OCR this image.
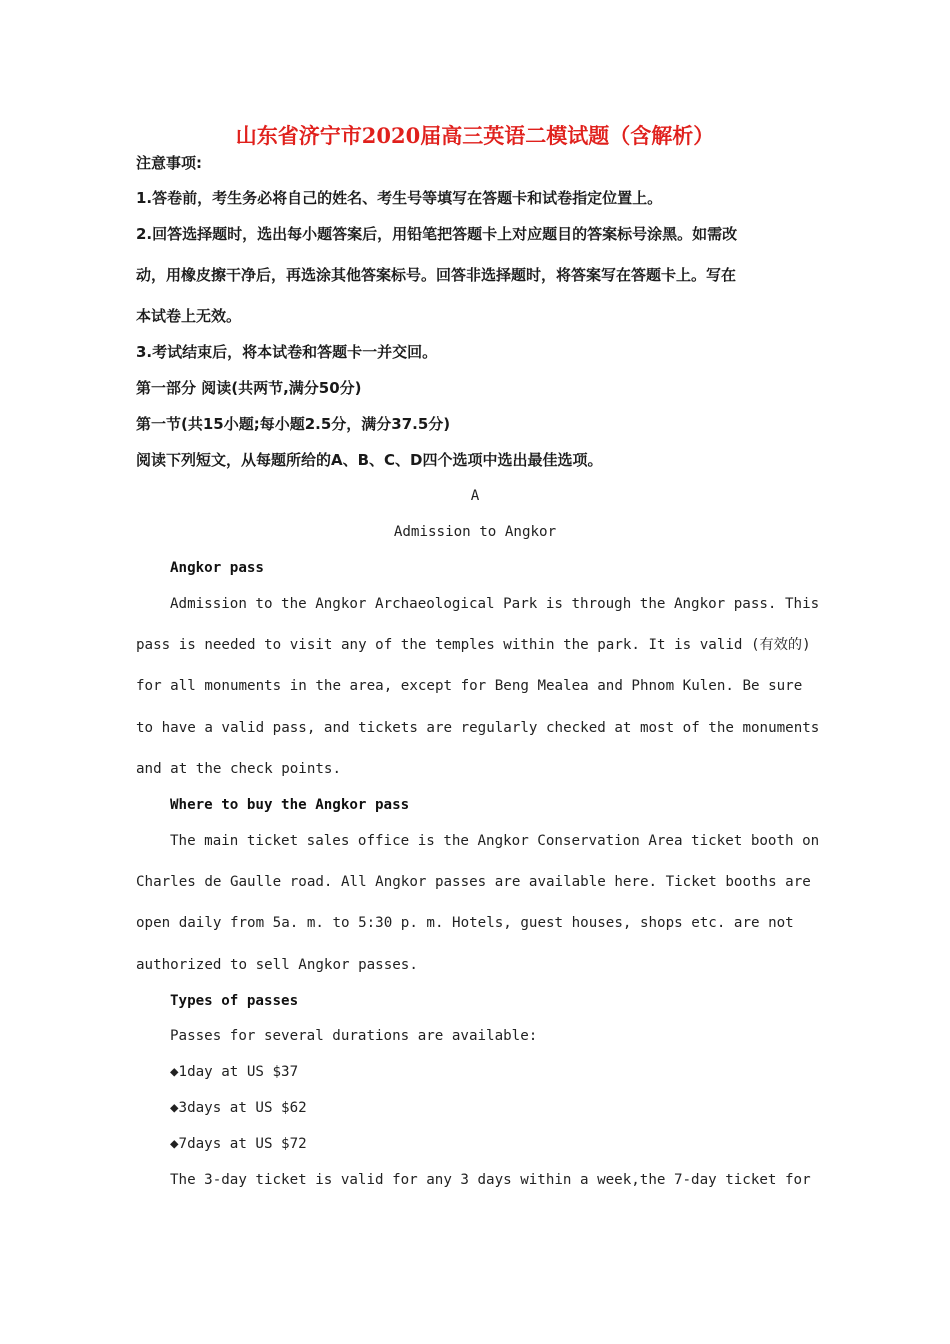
山东省济宁市2020届高三英语二模试题（含解析）
注意事项:
1.答卷前，考生务必将自己的姓名、考生号等填写在答题卡和试卷指定位置上。
2.回答选择题时，选出每小题答案后，用铅笔把答题卡上对应题目的答案标号涂黑。如需改
动，用橡皮擦干净后，再选涂其他答案标号。回答非选择题时，将答案写在答题卡上。写在
本试卷上无效。
3.考试结束后，将本试卷和答题卡一并交回。
第一部分 阅读(共两节,满分50分)
第一节(共15小题;每小题2.5分，满分37.5分)
阅读下列短文，从每题所给的A、B、C、D四个选项中选出最佳选项。
A
Admission to Angkor
Angkor pass
Admission to the Angkor Archaeological Park is through the Angkor pass. This
pass is needed to visit any of the temples within the park. It is valid (有效的)
for all monuments in the area, except for Beng Mealea and Phnom Kulen. Be sure
to have a valid pass, and tickets are regularly checked at most of the monuments
and at the check points.
Where to buy the Angkor pass
The main ticket sales office is the Angkor Conservation Area ticket booth on
Charles de Gaulle road. All Angkor passes are available here. Ticket booths are
open daily from 5a. m. to 5:30 p. m. Hotels, guest houses, shops etc. are not
authorized to sell Angkor passes.
Types of passes
Passes for several durations are available:
◆1day at US $37
◆3days at US $62
◆7days at US $72
The 3-day ticket is valid for any 3 days within a week,the 7-day ticket for
